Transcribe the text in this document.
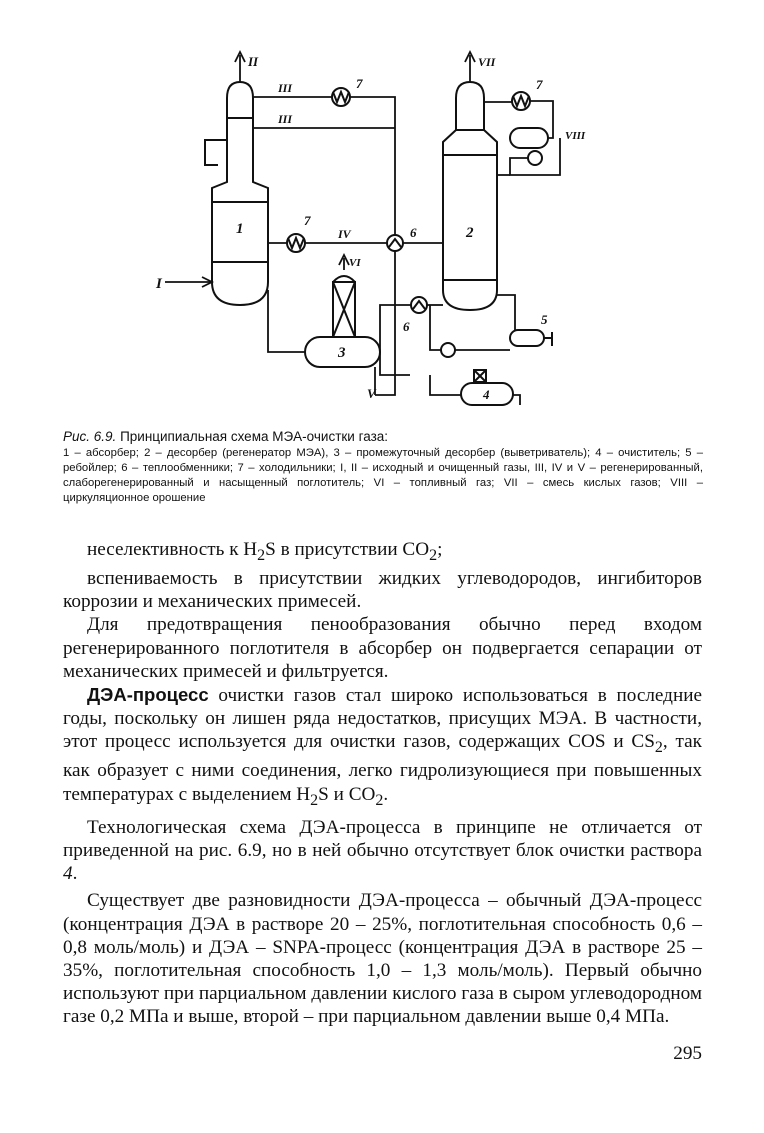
1	2
3
4
5
6
6
7
7
7
I
II
III
III
IV
V
VI
VII
VIII
Рис. 6.9. Принципиальная схема МЭА-очистки газа:
1 – абсорбер; 2 – десорбер (регенератор МЭА), 3 – промежуточный десорбер (выветриватель); 4 – очиститель; 5 – ребойлер; 6 – теплообменники; 7 – холодильники; I, II – исходный и очищенный газы, III, IV и V – регенерированный, слаборегенерированный и насыщенный поглотитель; VI – топливный газ; VII – смесь кислых газов; VIII – циркуляционное орошение

неселективность к $H_2S$ в присутствии $CO_2$;

вспениваемость в присутствии жидких углеводородов, ингибиторов коррозии и механических примесей.

Для предотвращения пенообразования обычно перед входом регенерированного поглотителя в абсорбер он подвергается сепарации от механических примесей и фильтруется.

ДЭА-процесс очистки газов стал широко использоваться в последние годы, поскольку он лишен ряда недостатков, присущих МЭА. В частности, этот процесс используется для очистки газов, содержащих COS и $CS_2$, так как образует с ними соединения, легко гидролизующиеся при повышенных температурах с выделением $H_2S$ и $CO_2$.

Технологическая схема ДЭА-процесса в принципе не отличается от приведенной на рис. 6.9, но в ней обычно отсутствует блок очистки раствора 4.

Существует две разновидности ДЭА-процесса – обычный ДЭА-процесс (концентрация ДЭА в растворе 20 – 25%, поглотительная способность 0,6 – 0,8 моль/моль) и ДЭА – SNPA-процесс (концентрация ДЭА в растворе 25 – 35%, поглотительная способность 1,0 – 1,3 моль/моль). Первый обычно используют при парциальном давлении кислого газа в сыром углеводородном газе 0,2 МПа и выше, второй – при парциальном давлении выше 0,4 МПа.

295
